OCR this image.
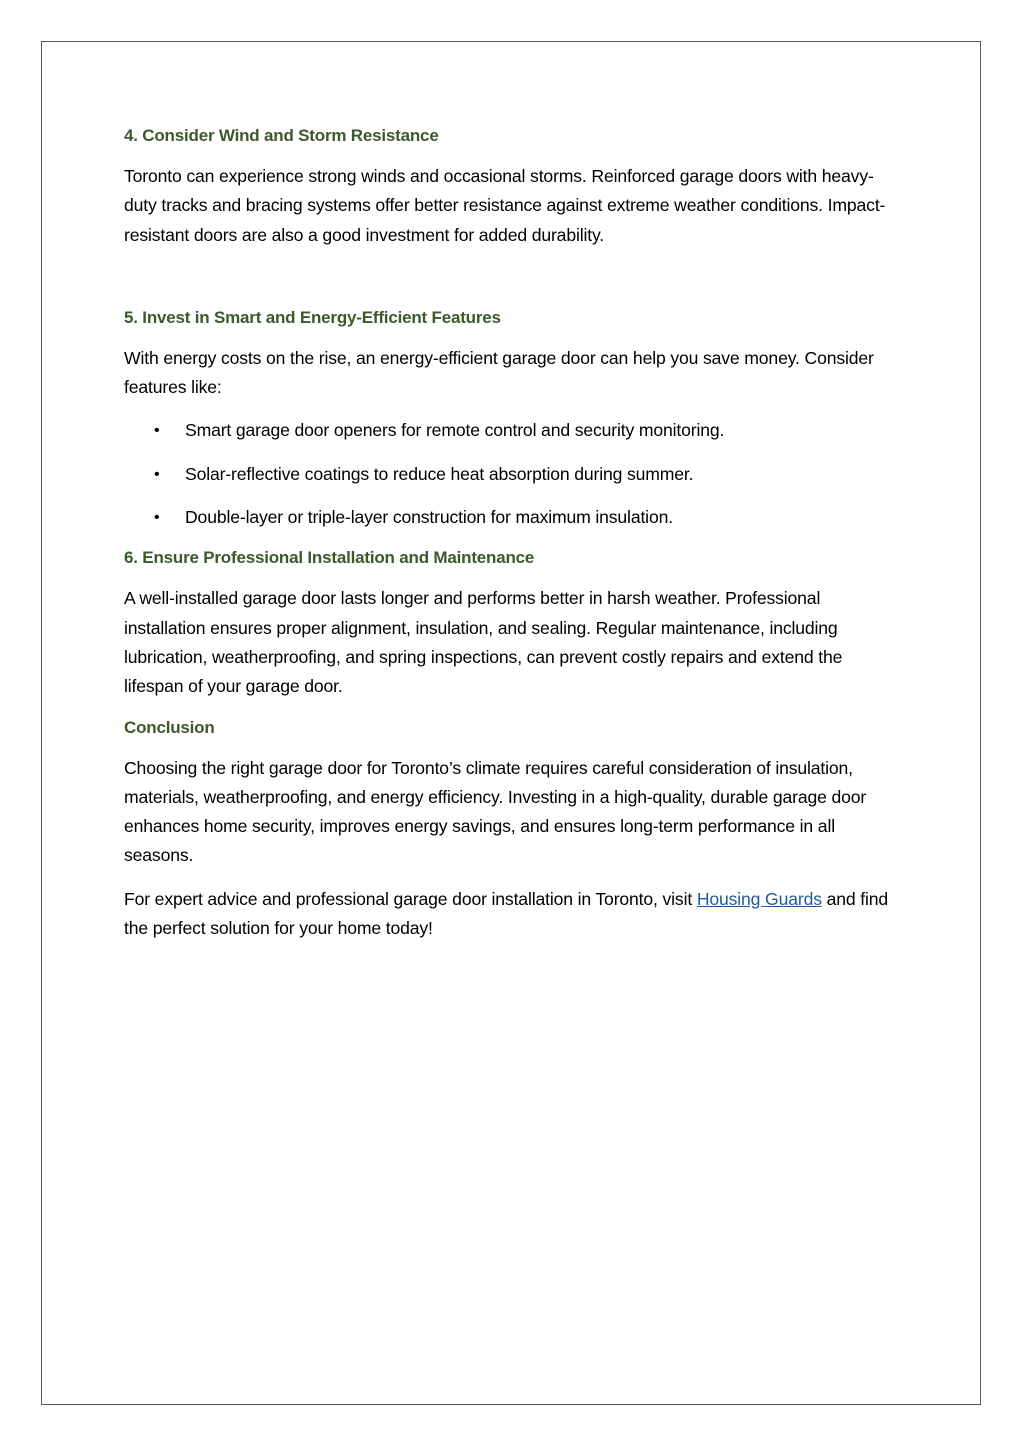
4. Consider Wind and Storm Resistance

Toronto can experience strong winds and occasional storms. Reinforced garage doors with heavy-duty tracks and bracing systems offer better resistance against extreme weather conditions. Impact-resistant doors are also a good investment for added durability.

5. Invest in Smart and Energy-Efficient Features

With energy costs on the rise, an energy-efficient garage door can help you save money. Consider features like:

• Smart garage door openers for remote control and security monitoring.
• Solar-reflective coatings to reduce heat absorption during summer.
• Double-layer or triple-layer construction for maximum insulation.
6. Ensure Professional Installation and Maintenance

A well-installed garage door lasts longer and performs better in harsh weather. Professional installation ensures proper alignment, insulation, and sealing. Regular maintenance, including lubrication, weatherproofing, and spring inspections, can prevent costly repairs and extend the lifespan of your garage door.

Conclusion

Choosing the right garage door for Toronto’s climate requires careful consideration of insulation, materials, weatherproofing, and energy efficiency. Investing in a high-quality, durable garage door enhances home security, improves energy savings, and ensures long-term performance in all seasons.

For expert advice and professional garage door installation in Toronto, visit Housing Guards and find the perfect solution for your home today!
